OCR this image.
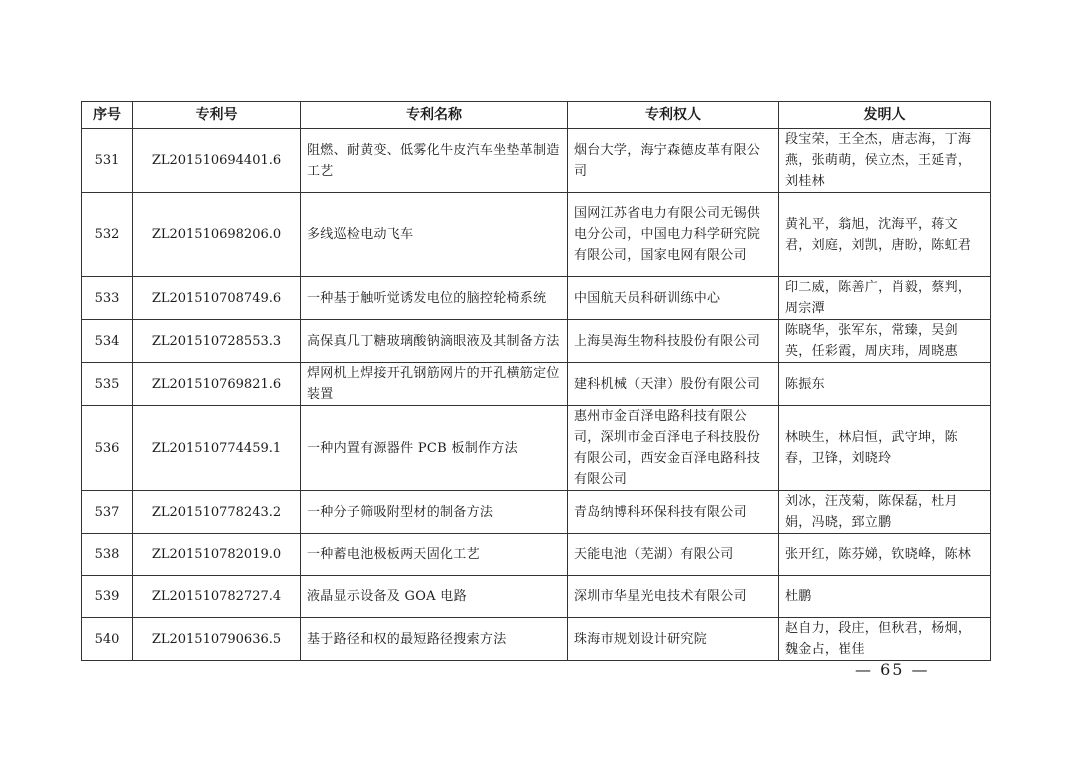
序号	专利号	专利名称	专利权人	发明人
531	ZL201510694401.6	阻燃、耐黄变、低雾化牛皮汽车坐垫革制造工艺	烟台大学，海宁森德皮革有限公司	段宝荣，王全杰，唐志海，丁海燕，张萌萌，侯立杰，王延青，刘桂林
532	ZL201510698206.0	多线巡检电动飞车	国网江苏省电力有限公司无锡供电分公司，中国电力科学研究院有限公司，国家电网有限公司	黄礼平，翁旭，沈海平，蒋文君，刘庭，刘凯，唐盼，陈虹君
533	ZL201510708749.6	一种基于触听觉诱发电位的脑控轮椅系统	中国航天员科研训练中心	印二威，陈善广，肖毅，蔡判，周宗潭
534	ZL201510728553.3	高保真几丁糖玻璃酸钠滴眼液及其制备方法	上海昊海生物科技股份有限公司	陈晓华，张军东，常臻，吴剑英，任彩霞，周庆玮，周晓惠
535	ZL201510769821.6	焊网机上焊接开孔钢筋网片的开孔横筋定位装置	建科机械（天津）股份有限公司	陈振东
536	ZL201510774459.1	一种内置有源器件 PCB 板制作方法	惠州市金百泽电路科技有限公司，深圳市金百泽电子科技股份有限公司，西安金百泽电路科技有限公司	林映生，林启恒，武守坤，陈春，卫锋，刘晓玲
537	ZL201510778243.2	一种分子筛吸附型材的制备方法	青岛纳博科环保科技有限公司	刘冰，汪茂菊，陈保磊，杜月娟，冯晓，郅立鹏
538	ZL201510782019.0	一种蓄电池极板两天固化工艺	天能电池（芜湖）有限公司	张开红，陈芬娣，钦晓峰，陈林
539	ZL201510782727.4	液晶显示设备及 GOA 电路	深圳市华星光电技术有限公司	杜鹏
540	ZL201510790636.5	基于路径和权的最短路径搜索方法	珠海市规划设计研究院	赵自力，段庄，但秋君，杨炯，魏金占，崔佳
— 65 —
